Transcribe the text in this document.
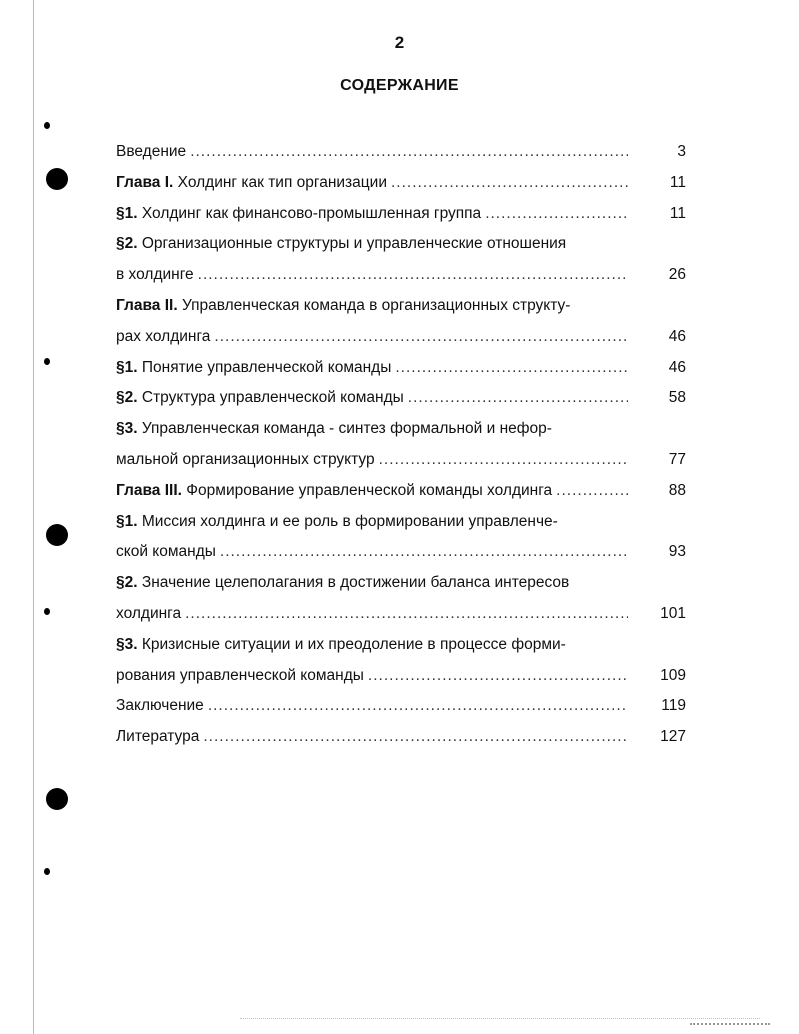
2
СОДЕРЖАНИЕ
Введение .....	3
Глава I. Холдинг как тип организации .....	11
§1. Холдинг как финансово-промышленная группа .....	11
§2. Организационные структуры и управленческие отношения
в холдинге .....	26
Глава II. Управленческая команда в организационных структу-
рах холдинга .....	46
§1. Понятие управленческой команды .....	46
§2. Структура управленческой команды .....	58
§3. Управленческая команда - синтез формальной и нефор-
мальной организационных структур .....	77
Глава III. Формирование управленческой команды холдинга .....	88
§1. Миссия холдинга и ее роль в формировании управленче-
ской команды .....	93
§2. Значение целеполагания в достижении баланса интересов
холдинга .....	101
§3. Кризисные ситуации и их преодоление в процессе форми-
рования управленческой команды .....	109
Заключение .....	119
Литература .....	127
